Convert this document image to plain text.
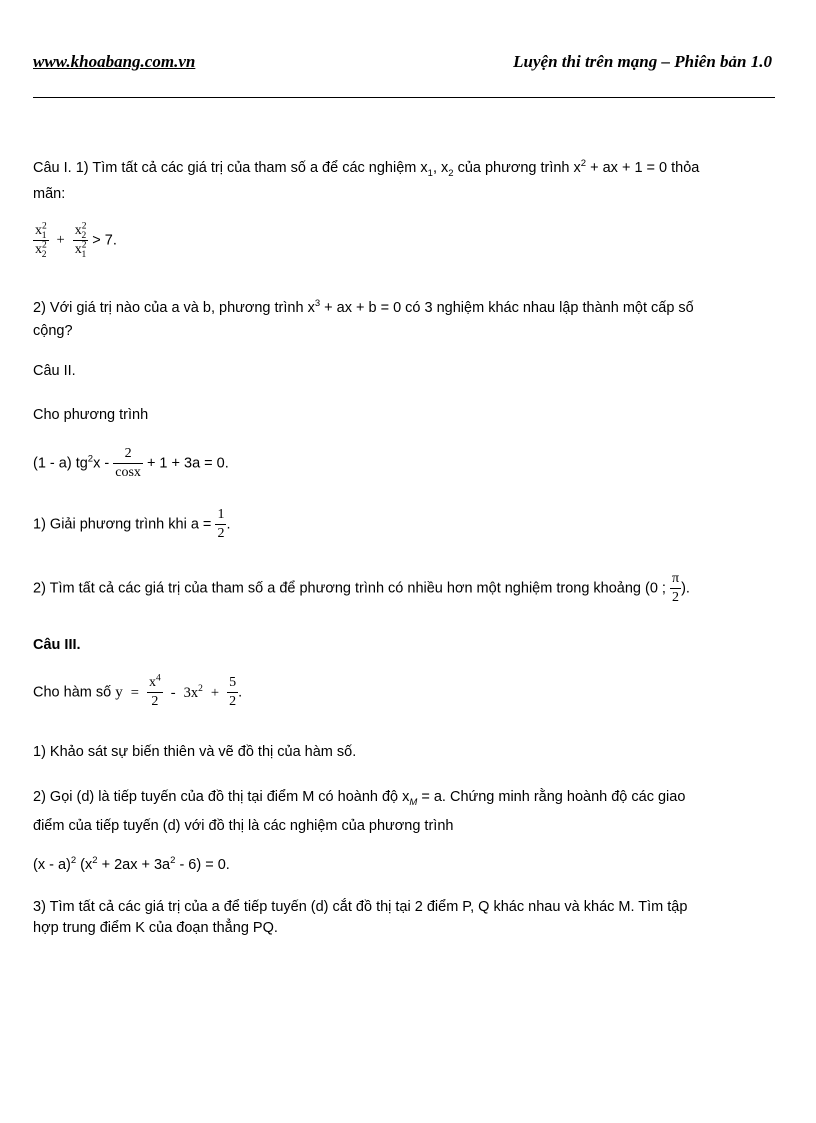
www.khoabang.com.vn	Luyện thi trên mạng – Phiên bản 1.0
Câu I. 1) Tìm tất cả các giá trị của tham số a để các nghiệm $x_1$, $x_2$ của phương trình $x^2$ + ax + 1 = 0 thỏa
mãn:
$\frac{x^2_1}{x^2_2} + \frac{x^2_2}{x^2_1} > 7$.
2) Với giá trị nào của a và b, phương trình $x^3$ + ax + b = 0 có 3 nghiệm khác nhau lập thành một cấp số
cộng?
Câu II.
Cho phương trình
(1 - a) $tg^2x - \frac{2}{\cos x} + 1 + 3a = 0$.
1) Giải phương trình khi $a = \frac{1}{2}$ .
2) Tìm tất cả các giá trị của tham số a để phương trình có nhiều hơn một nghiệm trong khoảng (0 ; $\frac{\pi}{2}$ ).
Câu III.
Cho hàm số $y = \frac{x^4}{2} - 3x^2 + \frac{5}{2}$ .
1) Khảo sát sự biến thiên và vẽ đồ thị của hàm số.
2) Gọi (d) là tiếp tuyến của đồ thị tại điểm M có hoành độ $x_M = a$. Chứng minh rằng hoành độ các giao
điểm của tiếp tuyến (d) với đồ thị là các nghiệm của phương trình
(x - a)$^2$ $(x^2 + 2ax + 3a^2 - 6) = 0$.
3) Tìm tất cả các giá trị của a để tiếp tuyến (d) cắt đồ thị tại 2 điểm P, Q khác nhau và khác M. Tìm tập
hợp trung điểm K của đoạn thẳng PQ.
